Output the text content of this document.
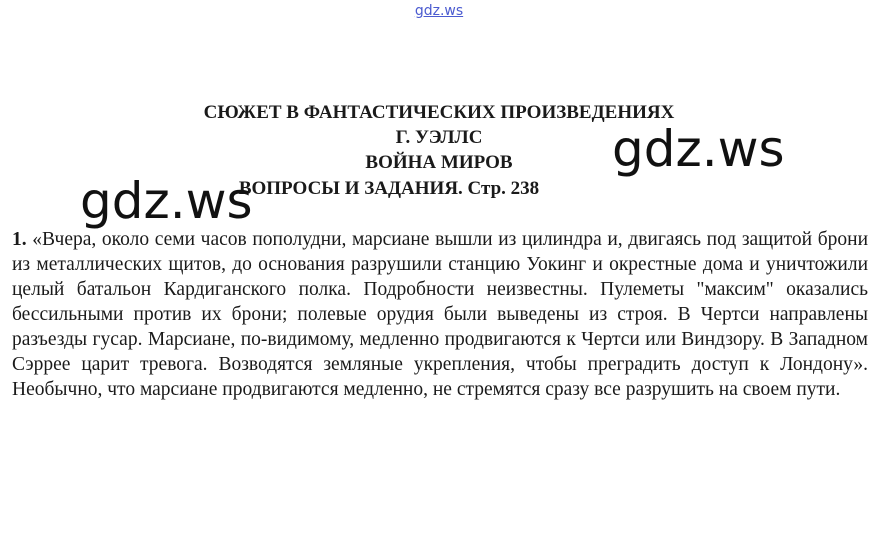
gdz.ws
СЮЖЕТ В ФАНТАСТИЧЕСКИХ ПРОИЗВЕДЕНИЯХ
Г. УЭЛЛС
ВОЙНА МИРОВ
ВОПРОСЫ И ЗАДАНИЯ. Стр. 238
gdz.ws
gdz.ws
1. «Вчера, около семи часов пополудни, марсиане вышли из цилиндра и, двигаясь под защитой брони из металлических щитов, до основания разрушили станцию Уокинг и окрестные дома и уничтожили целый батальон Кардиганского полка. Подробности неизвестны. Пулеметы "максим" оказались бессильными против их брони; полевые орудия были выведены из строя. В Чертси направлены разъезды гусар. Марсиане, по-видимому, медленно продвигаются к Чертси или Виндзору. В Западном Сэррее царит тревога. Возводятся земляные укрепления, чтобы преградить доступ к Лондону». Необычно, что марсиане продвигаются медленно, не стремятся сразу все разрушить на своем пути.
